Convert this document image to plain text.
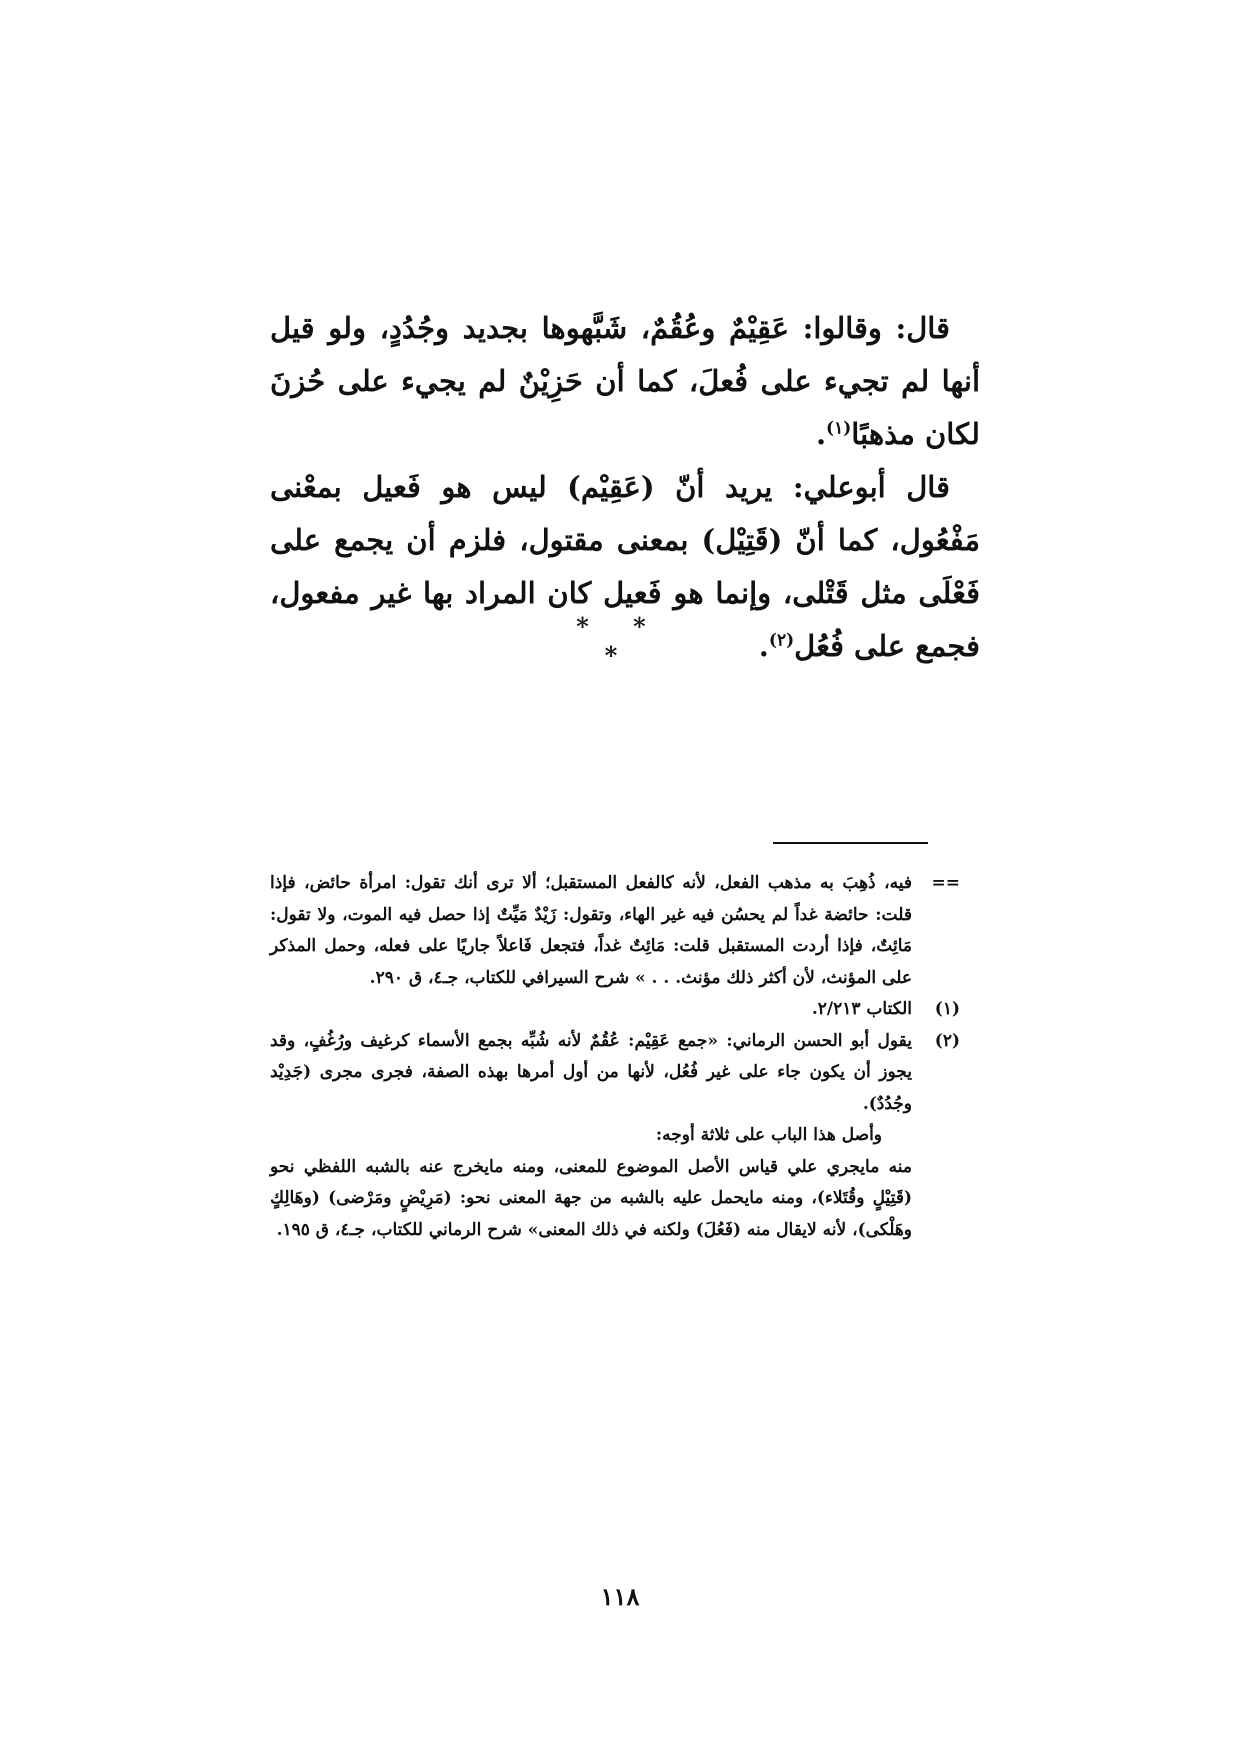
قال: وقالوا: عَقِيْمٌ وعُقُمٌ، شَبَّهوها بجديد وجُدُدٍ، ولو قيل أنها لم تجيء على فُعلَ، كما أن حَزِيْنٌ لم يجيء على حُزنَ لكان مذهبًا$^{(١)}$.

قال أبوعلي: يريد أنّ (عَقِيْم) ليس هو فَعيل بمعْنى مَفْعُول، كما أنّ (قَتِيْل) بمعنى مقتول، فلزم أن يجمع على فَعْلَى مثل قَتْلى، وإنما هو فَعيل كان المراد بها غير مفعول، فجمع على فُعُل$^{(٢)}$.

* * *
==
فيه، ذُهِبَ به مذهب الفعل، لأنه كالفعل المستقبل؛ ألا ترى أنك تقول: امرأة حائض، فإذا قلت: حائضة غداً لم يحسُن فيه غير الهاء، وتقول: زَيْدٌ مَيِّتٌ إذا حصل فيه الموت، ولا تقول: مَائِتٌ، فإذا أردت المستقبل قلت: مَائِتٌ غداً، فتجعل فَاعلاً جاريًا على فعله، وحمل المذكر على المؤنث، لأن أكثر ذلك مؤنث. . . » شرح السيرافي للكتاب، جـ٤، ق ٢٩٠.
(١)
الكتاب ٢/٢١٣.
(٢)
يقول أبو الحسن الرماني: «جمع عَقِيْم: عُقُمٌ لأنه شُبِّه بجمع الأسماء كرغيف ورُغُفٍ، وقد يجوز أن يكون جاء على غير فُعُل، لأنها من أول أمرها بهذه الصفة، فجرى مجرى (جَدِيْد وجُدُدٌ).
وأصل هذا الباب على ثلاثة أوجه:
منه مايجري علي قياس الأصل الموضوع للمعنى، ومنه مايخرج عنه بالشبه اللفظي نحو (قَتِيْلٍ وقُتَلاء)، ومنه مايحمل عليه بالشبه من جهة المعنى نحو: (مَرِيْضٍ ومَرْضى) (وهَالِكٍ وهَلْكى)، لأنه لايقال منه (فَعُلَ) ولكنه في ذلك المعنى» شرح الرماني للكتاب، جـ٤، ق ١٩٥.
١١٨
